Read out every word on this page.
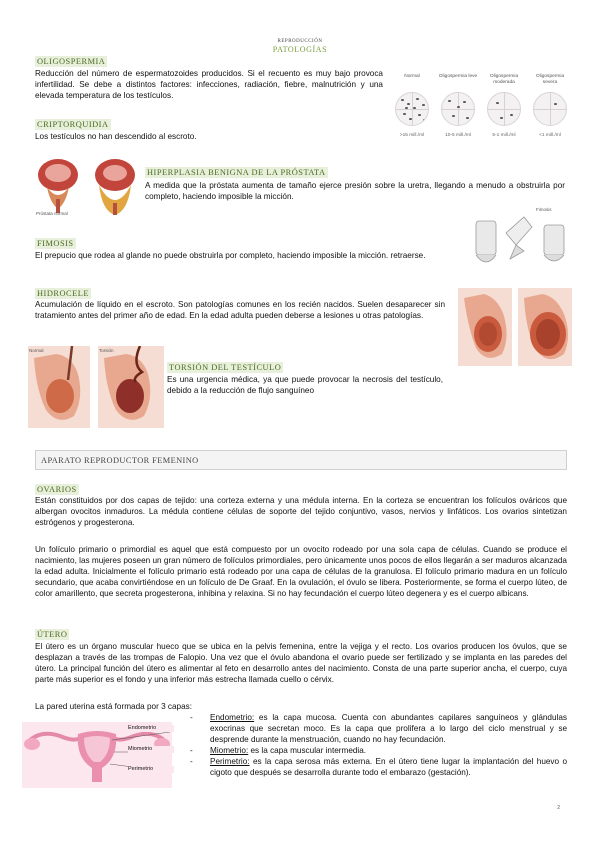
REPRODUCCIÓN
PATOLOGÍAS
OLIGOSPERMIA
Reducción del número de espermatozoides producidos. Si el recuento es muy bajo provoca infertilidad. Se debe a distintos factores: infecciones, radiación, fiebre, malnutrición y una elevada temperatura de los testículos.
Normal
>15 mill./ml
Oligospermia leve
10-5 mill./ml
Oligospermia moderada
5-1 mill./ml
Oligospermia severa
<1 mill./ml
CRIPTORQUIDIA
Los testículos no han descendido al escroto.
Próstata normal
HIPERPLASIA BENIGNA DE LA PRÓSTATA
A medida que la próstata aumenta de tamaño ejerce presión sobre la uretra, llegando a menudo a obstruirla por completo, haciendo imposible la micción.
FIMOSIS
El prepucio que rodea al glande no puede obstruirla por completo, haciendo imposible la micción. retraerse.
Fimosis
HIDROCELE
Acumulación de líquido en el escroto. Son patologías comunes en los recién nacidos. Suelen desaparecer sin tratamiento antes del primer año de edad. En la edad adulta pueden deberse a lesiones u otras patologías.
Normal	Torsión
TORSIÓN DEL TESTÍCULO
Es una urgencia médica, ya que puede provocar la necrosis del testículo, debido a la reducción de flujo sanguíneo
APARATO REPRODUCTOR FEMENINO
OVARIOS
Están constituidos por dos capas de tejido: una corteza externa y una médula interna. En la corteza se encuentran los folículos ováricos que albergan ovocitos inmaduros. La médula contiene células de soporte del tejido conjuntivo, vasos, nervios y linfáticos. Los ovarios sintetizan estrógenos y progesterona.
Un folículo primario o primordial es aquel que está compuesto por un ovocito rodeado por una sola capa de células. Cuando se produce el nacimiento, las mujeres poseen un gran número de folículos primordiales, pero únicamente unos pocos de ellos llegarán a ser maduros alcanzada la edad adulta. Inicialmente el folículo primario está rodeado por una capa de células de la granulosa. El folículo primario madura en un folículo secundario, que acaba convirtiéndose en un folículo de De Graaf. En la ovulación, el óvulo se libera. Posteriormente, se forma el cuerpo lúteo, de color amarillento, que secreta progesterona, inhibina y relaxina. Si no hay fecundación el cuerpo lúteo degenera y es el cuerpo albicans.
ÚTERO
El útero es un órgano muscular hueco que se ubica en la pelvis femenina, entre la vejiga y el recto. Los ovarios producen los óvulos, que se desplazan a través de las trompas de Falopio. Una vez que el óvulo abandona el ovario puede ser fertilizado y se implanta en las paredes del útero. La principal función del útero es alimentar al feto en desarrollo antes del nacimiento. Consta de una parte superior ancha, el cuerpo, cuya parte más superior es el fondo y una inferior más estrecha llamada cuello o cérvix.
La pared uterina está formada por 3 capas:
Endometrio
Miometrio
Perimetrio
- Endometrio: es la capa mucosa. Cuenta con abundantes capilares sanguíneos y glándulas exocrinas que secretan moco. Es la capa que prolifera a lo largo del ciclo menstrual y se desprende durante la menstruación, cuando no hay fecundación.
- Miometrio: es la capa muscular intermedia.
- Perimetrio: es la capa serosa más externa. En el útero tiene lugar la implantación del huevo o cigoto que después se desarrolla durante todo el embarazo (gestación).
2
